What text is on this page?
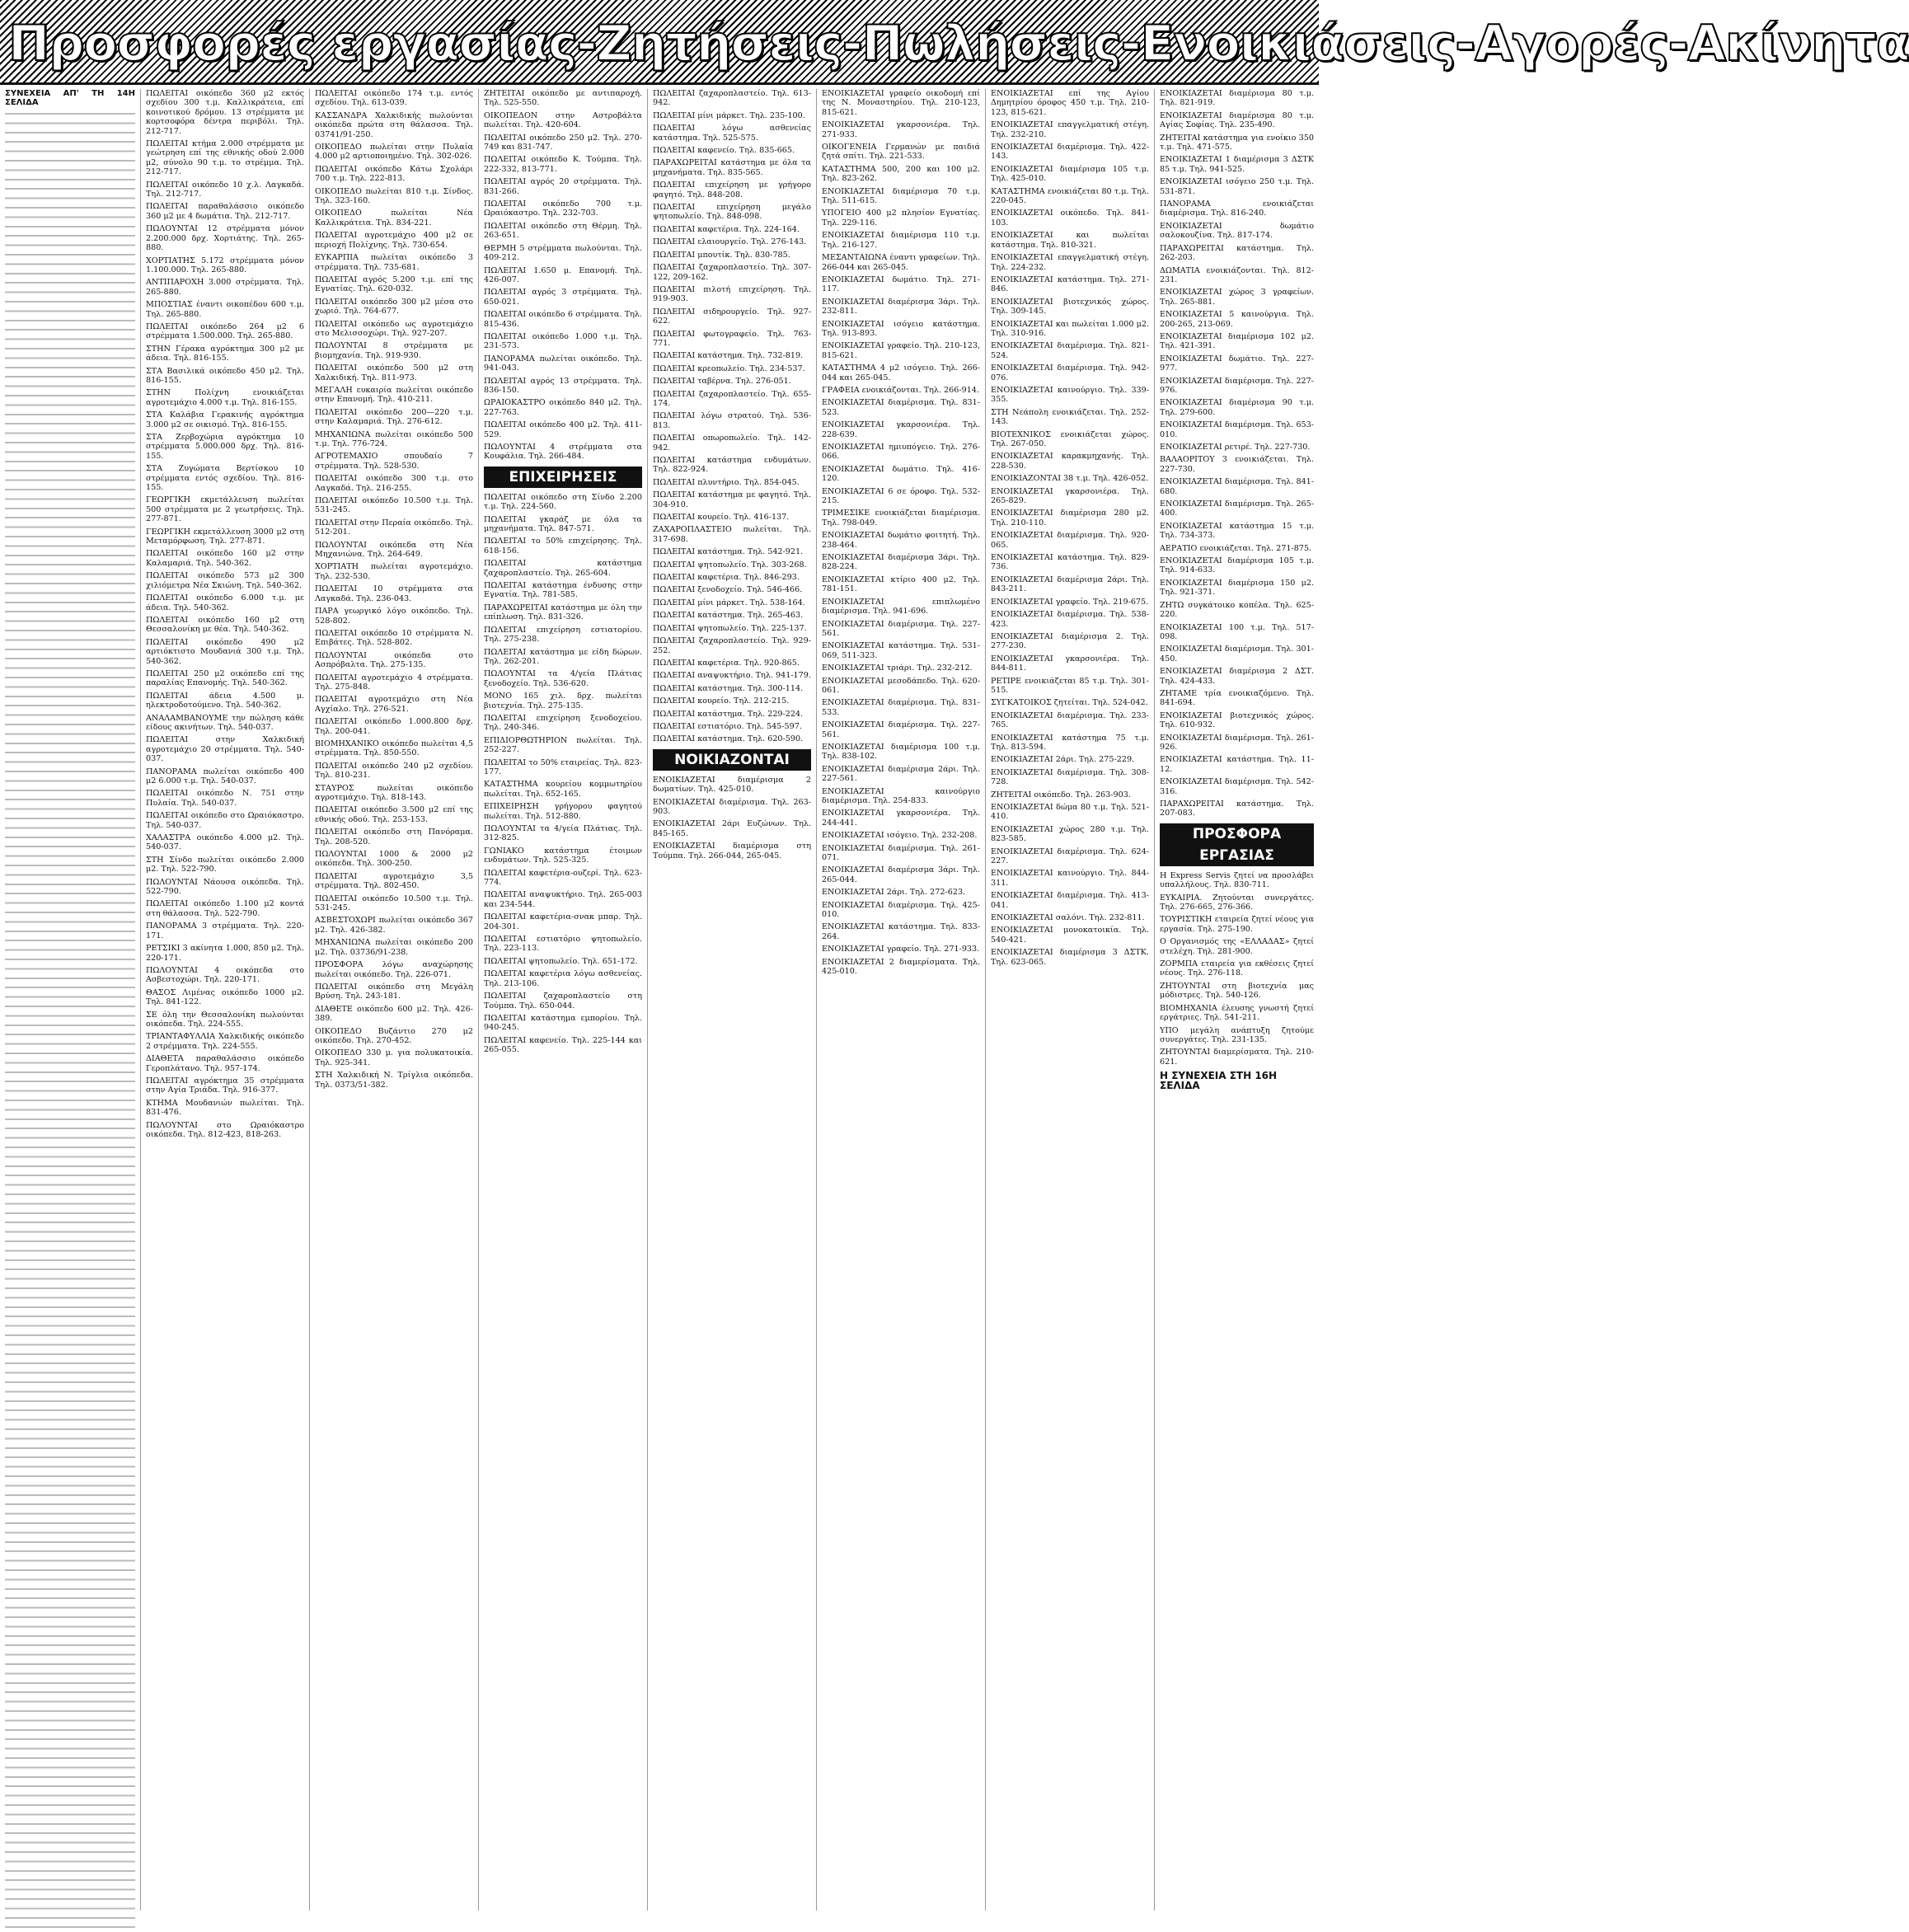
Προσφορές εργασίας-Ζητήσεις-Πωλήσεις-Ενοικιάσεις-Αγορές-Ακίνητα
ΣΥΝΕΧΕΙΑ ΑΠ' ΤΗ 14Η ΣΕΛΙΔΑ

ΠΩΛΕΙΤΑΙ οικόπεδο 360 μ2 εκτός σχεδίου 300 τ.μ. Καλλικράτεια, επί κοινοτικού δρόμου. 13 στρέμματα με κορτσοφόρα δέντρα περιβόλι. Τηλ. 212-717.

ΠΩΛΕΙΤΑΙ κτήμα 2.000 στρέμματα με γεώτρηση επί της εθνικής οδού 2.000 μ2, σύνολο 90 τ.μ. το στρέμμα. Τηλ. 212-717.

ΠΩΛΕΙΤΑΙ οικόπεδο 10 χ.λ. Λαγκαδά. Τηλ. 212-717.

ΠΩΛΕΙΤΑΙ παραθαλάσσιο οικόπεδο 360 μ2 με 4 δωμάτια. Τηλ. 212-717.

ΠΩΛΟΥΝΤΑΙ 12 στρέμματα μόνον 2.200.000 δρχ. Χορτιάτης. Τηλ. 265-880.

ΧΟΡΤΙΑΤΗΣ 5.172 στρέμματα μόνον 1.100.000. Τηλ. 265-880.

ΑΝΤΙΠΑΡΟΧΗ 3.000 στρέμματα. Τηλ. 265-880.

ΜΠΟΣΤΙΑΣ έναντι οικοπέδου 600 τ.μ. Τηλ. 265-880.

ΠΩΛΕΙΤΑΙ οικόπεδο 264 μ2 6 στρέμματα 1.500.000. Τηλ. 265-880.

ΣΤΗΝ Γέρακα αγρόκτημα 300 μ2 με άδεια. Τηλ. 816-155.

ΣΤΑ Βασιλικά οικόπεδο 450 μ2. Τηλ. 816-155.

ΣΤΗΝ Πολίχνη ενοικιάζεται αγροτεμάχιο 4.000 τ.μ. Τηλ. 816-155.

ΣΤΑ Καλάβια Γερακινής αγρόκτημα 3.000 μ2 σε οικισμό. Τηλ. 816-155.

ΣΤΑ Ζερβοχώρια αγρόκτημα 10 στρέμματα 5.000.000 δρχ. Τηλ. 816-155.

ΣΤΑ Ζυγώματα Βερτίσκου 10 στρέμματα εντός σχεδίου. Τηλ. 816-155.

ΓΕΩΡΓΙΚΗ εκμετάλλευση πωλείται 500 στρέμματα με 2 γεωτρήσεις. Τηλ. 277-871.

ΓΕΩΡΓΙΚΗ εκμετάλλευση 3000 μ2 στη Μεταμόρφωση. Τηλ. 277-871.

ΠΩΛΕΙΤΑΙ οικόπεδο 160 μ2 στην Καλαμαριά. Τηλ. 540-362.

ΠΩΛΕΙΤΑΙ οικόπεδο 573 μ2 300 χιλιόμετρα Νέα Σκιώνη. Τηλ. 540-362.

ΠΩΛΕΙΤΑΙ οικόπεδο 6.000 τ.μ. με άδεια. Τηλ. 540-362.

ΠΩΛΕΙΤΑΙ οικόπεδο 160 μ2 στη Θεσσαλονίκη με θέα. Τηλ. 540-362.

ΠΩΛΕΙΤΑΙ οικόπεδο 490 μ2 αρτιόκτιστο Μουδανιά 300 τ.μ. Τηλ. 540-362.

ΠΩΛΕΙΤΑΙ 250 μ2 οικόπεδο επί της παραλίας Επανομής. Τηλ. 540-362.

ΠΩΛΕΙΤΑΙ άδεια 4.500 μ. ηλεκτροδοτούμενο. Τηλ. 540-362.

ΑΝΑΛΑΜΒΑΝΟΥΜΕ την πώληση κάθε είδους ακινήτων. Τηλ. 540-037.

ΠΩΛΕΙΤΑΙ στην Χαλκιδική αγροτεμάχιο 20 στρέμματα. Τηλ. 540-037.

ΠΑΝΟΡΑΜΑ πωλείται οικόπεδο 400 μ2 6.000 τ.μ. Τηλ. 540-037.

ΠΩΛΕΙΤΑΙ οικόπεδο Ν. 751 στην Πυλαία. Τηλ. 540-037.

ΠΩΛΕΙΤΑΙ οικόπεδο στο Ωραιόκαστρο. Τηλ. 540-037.

ΧΑΛΑΣΤΡΑ οικόπεδο 4.000 μ2. Τηλ. 540-037.

ΣΤΗ Σίνδο πωλείται οικόπεδο 2.000 μ2. Τηλ. 522-790.

ΠΩΛΟΥΝΤΑΙ Νάουσα οικόπεδα. Τηλ. 522-790.

ΠΩΛΕΙΤΑΙ οικόπεδο 1.100 μ2 κοντά στη θάλασσα. Τηλ. 522-790.

ΠΑΝΟΡΑΜΑ 3 στρέμματα. Τηλ. 220-171.

ΡΕΤΣΙΚΙ 3 ακίνητα 1.000, 850 μ2. Τηλ. 220-171.

ΠΩΛΟΥΝΤΑΙ 4 οικόπεδα στο Ασβεστοχώρι. Τηλ. 220-171.

ΘΑΣΟΣ Λιμένας οικόπεδο 1000 μ2. Τηλ. 841-122.

ΣΕ όλη την Θεσσαλονίκη πωλούνται οικόπεδα. Τηλ. 224-555.

ΤΡΙΑΝΤΑΦΥΛΛΙΑ Χαλκιδικής οικόπεδο 2 στρέμματα. Τηλ. 224-555.

ΔΙΑΘΕΤΑ παραθαλάσσιο οικόπεδο Γεροπλάτανο. Τηλ. 957-174.

ΠΩΛΕΙΤΑΙ αγρόκτημα 35 στρέμματα στην Αγία Τριάδα. Τηλ. 916-377.

ΚΤΗΜΑ Μουδανιών πωλείται. Τηλ. 831-476.

ΠΩΛΟΥΝΤΑΙ στο Ωραιόκαστρο οικόπεδα. Τηλ. 812-423, 818-263.

ΠΩΛΕΙΤΑΙ οικόπεδο 174 τ.μ. εντός σχεδίου. Τηλ. 613-039.

ΚΑΣΣΑΝΔΡΑ Χαλκιδικής πωλούνται οικόπεδα πρώτα στη θάλασσα. Τηλ. 03741/91-250.

ΟΙΚΟΠΕΔΟ πωλείται στην Πυλαία 4.000 μ2 αρτιοποιημένο. Τηλ. 302-026.

ΠΩΛΕΙΤΑΙ οικόπεδο Κάτω Σχολάρι 700 τ.μ. Τηλ. 222-813.

ΟΙΚΟΠΕΔΟ πωλείται 810 τ.μ. Σίνδος. Τηλ. 323-160.

ΟΙΚΟΠΕΔΟ πωλείται Νέα Καλλικράτεια. Τηλ. 834-221.

ΠΩΛΕΙΤΑΙ αγροτεμάχιο 400 μ2 σε περιοχή Πολίχνης. Τηλ. 730-654.

ΕΥΚΑΡΠΙΑ πωλείται οικόπεδο 3 στρέμματα. Τηλ. 735-681.

ΠΩΛΕΙΤΑΙ αγρός 5.200 τ.μ. επί της Εγνατίας. Τηλ. 620-032.

ΠΩΛΕΙΤΑΙ οικόπεδο 300 μ2 μέσα στο χωριό. Τηλ. 764-677.

ΠΩΛΕΙΤΑΙ οικόπεδο ως αγροτεμάχιο στο Μελισσοχώρι. Τηλ. 927-207.

ΠΩΛΟΥΝΤΑΙ 8 στρέμματα με βιομηχανία. Τηλ. 919-930.

ΠΩΛΕΙΤΑΙ οικόπεδο 500 μ2 στη Χαλκιδική. Τηλ. 811-973.

ΜΕΓΑΛΗ ευκαιρία πωλείται οικόπεδο στην Επανομή. Τηλ. 410-211.

ΠΩΛΕΙΤΑΙ οικόπεδο 200—220 τ.μ. στην Καλαμαριά. Τηλ. 276-612.

ΜΗΧΑΝΙΩΝΑ πωλείται οικόπεδο 500 τ.μ. Τηλ. 776-724.

ΑΓΡΟΤΕΜΑΧΙΟ σπουδαίο 7 στρέμματα. Τηλ. 528-530.

ΠΩΛΕΙΤΑΙ οικόπεδο 300 τ.μ. στο Λαγκαδά. Τηλ. 216-255.

ΠΩΛΕΙΤΑΙ οικόπεδο 10.500 τ.μ. Τηλ. 531-245.

ΠΩΛΕΙΤΑΙ στην Περαία οικόπεδο. Τηλ. 512-201.

ΠΩΛΟΥΝΤΑΙ οικόπεδα στη Νέα Μηχανιώνα. Τηλ. 264-649.

ΧΟΡΤΙΑΤΗ πωλείται αγροτεμάχιο. Τηλ. 232-530.

ΠΩΛΕΙΤΑΙ 10 στρέμματα στα Λαγκαδά. Τηλ. 236-043.

ΠΑΡΑ γεωργικό λόγο οικόπεδο. Τηλ. 528-802.

ΠΩΛΕΙΤΑΙ οικόπεδο 10 στρέμματα Ν. Επιβάτες. Τηλ. 528-802.

ΠΩΛΟΥΝΤΑΙ οικόπεδα στο Ασπρόβαλτα. Τηλ. 275-135.

ΠΩΛΕΙΤΑΙ αγροτεμάχιο 4 στρέμματα. Τηλ. 275-848.

ΠΩΛΕΙΤΑΙ αγροτεμάχιο στη Νέα Αγχίαλο. Τηλ. 276-521.

ΠΩΛΕΙΤΑΙ οικόπεδο 1.000.800 δρχ. Τηλ. 200-041.

ΒΙΟΜΗΧΑΝΙΚΟ οικόπεδο πωλείται 4,5 στρέμματα. Τηλ. 850-550.

ΠΩΛΕΙΤΑΙ οικόπεδο 240 μ2 σχεδίου. Τηλ. 810-231.

ΣΤΑΥΡΟΣ πωλείται οικόπεδο αγροτεμάχιο. Τηλ. 818-143.

ΠΩΛΕΙΤΑΙ οικόπεδο 3.500 μ2 επί της εθνικής οδού. Τηλ. 253-153.

ΠΩΛΕΙΤΑΙ οικόπεδο στη Πανόραμα. Τηλ. 208-520.

ΠΩΛΟΥΝΤΑΙ 1000 & 2000 μ2 οικόπεδα. Τηλ. 300-250.

ΠΩΛΕΙΤΑΙ αγροτεμάχιο 3,5 στρέμματα. Τηλ. 802-450.

ΠΩΛΕΙΤΑΙ οικόπεδο 10.500 τ.μ. Τηλ. 531-245.

ΑΣΒΕΣΤΟΧΩΡΙ πωλείται οικόπεδο 367 μ2. Τηλ. 426-382.

ΜΗΧΑΝΙΩΝΑ πωλείται οικόπεδο 200 μ2. Τηλ. 03736/91-238.

ΠΡΟΣΦΟΡΑ λόγω αναχώρησης πωλείται οικόπεδο. Τηλ. 226-071.

ΠΩΛΕΙΤΑΙ οικόπεδο στη Μεγάλη Βρύση. Τηλ. 243-181.

ΔΙΑΘΕΤΕ οικόπεδο 600 μ2. Τηλ. 426-389.

ΟΙΚΟΠΕΔΟ Βυζάντιο 270 μ2 οικόπεδο. Τηλ. 270-452.

ΟΙΚΟΠΕΔΟ 330 μ. για πολυκατοικία. Τηλ. 925-341.

ΣΤΗ Χαλκιδική Ν. Τρίγλια οικόπεδα. Τηλ. 0373/51-382.

ΖΗΤΕΙΤΑΙ οικόπεδο με αντιπαροχή. Τηλ. 525-550.

ΟΙΚΟΠΕΔΟΝ στην Αστροβάλτα πωλείται. Τηλ. 420-604.

ΠΩΛΕΙΤΑΙ οικόπεδο 250 μ2. Τηλ. 270-749 και 831-747.

ΠΩΛΕΙΤΑΙ οικόπεδο Κ. Τούμπα. Τηλ. 222-332, 813-771.

ΠΩΛΕΙΤΑΙ αγρός 20 στρέμματα. Τηλ. 831-266.

ΠΩΛΕΙΤΑΙ οικόπεδο 700 τ.μ. Ωραιόκαστρο. Τηλ. 232-703.

ΠΩΛΕΙΤΑΙ οικόπεδο στη Θέρμη. Τηλ. 263-651.

ΘΕΡΜΗ 5 στρέμματα πωλούνται. Τηλ. 409-212.

ΠΩΛΕΙΤΑΙ 1.650 μ. Επανομή. Τηλ. 426-007.

ΠΩΛΕΙΤΑΙ αγρός 3 στρέμματα. Τηλ. 650-021.

ΠΩΛΕΙΤΑΙ οικόπεδο 6 στρέμματα. Τηλ. 815-436.

ΠΩΛΕΙΤΑΙ οικόπεδο 1.000 τ.μ. Τηλ. 231-573.

ΠΑΝΟΡΑΜΑ πωλείται οικόπεδο. Τηλ. 941-043.

ΠΩΛΕΙΤΑΙ αγρός 13 στρέμματα. Τηλ. 836-150.

ΩΡΑΙΟΚΑΣΤΡΟ οικόπεδο 840 μ2. Τηλ. 227-763.

ΠΩΛΕΙΤΑΙ οικόπεδο 400 μ2. Τηλ. 411-529.

ΠΩΛΟΥΝΤΑΙ 4 στρέμματα στα Κουφάλια. Τηλ. 266-484.

ΕΠΙΧΕΙΡΗΣΕΙΣ

ΠΩΛΕΙΤΑΙ οικόπεδο στη Σίνδο 2.200 τ.μ. Τηλ. 224-560.

ΠΩΛΕΙΤΑΙ γκαράζ με όλα τα μηχανήματα. Τηλ. 847-571.

ΠΩΛΕΙΤΑΙ το 50% επιχείρησης. Τηλ. 618-156.

ΠΩΛΕΙΤΑΙ κατάστημα ζαχαροπλαστείο. Τηλ. 265-604.

ΠΩΛΕΙΤΑΙ κατάστημα ένδυσης στην Εγνατία. Τηλ. 781-585.

ΠΑΡΑΧΩΡΕΙΤΑΙ κατάστημα με όλη την επίπλωση. Τηλ. 831-326.

ΠΩΛΕΙΤΑΙ επιχείρηση εστιατορίου. Τηλ. 275-238.

ΠΩΛΕΙΤΑΙ κατάστημα με είδη δώρων. Τηλ. 262-201.

ΠΩΛΟΥΝΤΑΙ τα 4/γεία Πλάτιας ξενοδοχείο. Τηλ. 536-620.

ΜΟΝΟ 165 χιλ. δρχ. πωλείται βιοτεχνία. Τηλ. 275-135.

ΠΩΛΕΙΤΑΙ επιχείρηση ξενοδοχείου. Τηλ. 240-346.

ΕΠΙΔΙΟΡΘΩΤΗΡΙΟΝ πωλείται. Τηλ. 252-227.

ΠΩΛΕΙΤΑΙ το 50% εταιρείας. Τηλ. 823-177.

ΚΑΤΑΣΤΗΜΑ κουρείου κομμωτηρίου πωλείται. Τηλ. 652-165.

ΕΠΙΧΕΙΡΗΣΗ γρήγορου φαγητού πωλείται. Τηλ. 512-880.

ΠΩΛΟΥΝΤΑΙ τα 4/γεία Πλάτιας. Τηλ. 312-825.

ΓΩΝΙΑΚΟ κατάστημα έτοιμων ενδυμάτων. Τηλ. 525-325.

ΠΩΛΕΙΤΑΙ καφετέρια-ουζερί. Τηλ. 623-774.

ΠΩΛΕΙΤΑΙ αναψυκτήριο. Τηλ. 265-003 και 234-544.

ΠΩΛΕΙΤΑΙ καφετέρια-σνακ μπαρ. Τηλ. 204-301.

ΠΩΛΕΙΤΑΙ εστιατόριο ψητοπωλείο. Τηλ. 223-113.

ΠΩΛΕΙΤΑΙ ψητοπωλείο. Τηλ. 651-172.

ΠΩΛΕΙΤΑΙ καφετέρια λόγω ασθενείας. Τηλ. 213-106.

ΠΩΛΕΙΤΑΙ ζαχαροπλαστείο στη Τούμπα. Τηλ. 650-044.

ΠΩΛΕΙΤΑΙ κατάστημα εμπορίου. Τηλ. 940-245.

ΠΩΛΕΙΤΑΙ καφενείο. Τηλ. 225-144 και 265-055.

ΠΩΛΕΙΤΑΙ ζαχαροπλαστείο. Τηλ. 613-942.

ΠΩΛΕΙΤΑΙ μίνι μάρκετ. Τηλ. 235-100.

ΠΩΛΕΙΤΑΙ λόγω ασθενείας κατάστημα. Τηλ. 525-575.

ΠΩΛΕΙΤΑΙ καφενείο. Τηλ. 835-665.

ΠΑΡΑΧΩΡΕΙΤΑΙ κατάστημα με όλα τα μηχανήματα. Τηλ. 835-565.

ΠΩΛΕΙΤΑΙ επιχείρηση με γρήγορο φαγητό. Τηλ. 848-208.

ΠΩΛΕΙΤΑΙ επιχείρηση μεγάλο ψητοπωλείο. Τηλ. 848-098.

ΠΩΛΕΙΤΑΙ καφετέρια. Τηλ. 224-164.

ΠΩΛΕΙΤΑΙ ελαιουργείο. Τηλ. 276-143.

ΠΩΛΕΙΤΑΙ μπουτίκ. Τηλ. 830-785.

ΠΩΛΕΙΤΑΙ ζαχαροπλαστείο. Τηλ. 307-122, 209-162.

ΠΩΛΕΙΤΑΙ πιλοτή επιχείρηση. Τηλ. 919-903.

ΠΩΛΕΙΤΑΙ σιδηρουργείο. Τηλ. 927-622.

ΠΩΛΕΙΤΑΙ φωτογραφείο. Τηλ. 763-771.

ΠΩΛΕΙΤΑΙ κατάστημα. Τηλ. 732-819.

ΠΩΛΕΙΤΑΙ κρεοπωλείο. Τηλ. 234-537.

ΠΩΛΕΙΤΑΙ ταβέρνα. Τηλ. 276-051.

ΠΩΛΕΙΤΑΙ ζαχαροπλαστείο. Τηλ. 655-174.

ΠΩΛΕΙΤΑΙ λόγω στρατού. Τηλ. 536-813.

ΠΩΛΕΙΤΑΙ οπωροπωλείο. Τηλ. 142-942.

ΠΩΛΕΙΤΑΙ κατάστημα ενδυμάτων. Τηλ. 822-924.

ΠΩΛΕΙΤΑΙ πλυντήριο. Τηλ. 854-045.

ΠΩΛΕΙΤΑΙ κατάστημα με φαγητό. Τηλ. 304-910.

ΠΩΛΕΙΤΑΙ κουρείο. Τηλ. 416-137.

ΖΑΧΑΡΟΠΛΑΣΤΕΙΟ πωλείται. Τηλ. 317-698.

ΠΩΛΕΙΤΑΙ κατάστημα. Τηλ. 542-921.

ΠΩΛΕΙΤΑΙ ψητοπωλείο. Τηλ. 303-268.

ΠΩΛΕΙΤΑΙ καφετέρια. Τηλ. 846-293.

ΠΩΛΕΙΤΑΙ ξενοδοχείο. Τηλ. 546-466.

ΠΩΛΕΙΤΑΙ μίνι μάρκετ. Τηλ. 538-164.

ΠΩΛΕΙΤΑΙ κατάστημα. Τηλ. 265-463.

ΠΩΛΕΙΤΑΙ ψητοπωλείο. Τηλ. 225-137.

ΠΩΛΕΙΤΑΙ ζαχαροπλαστείο. Τηλ. 929-252.

ΠΩΛΕΙΤΑΙ καφετέρια. Τηλ. 920-865.

ΠΩΛΕΙΤΑΙ αναψυκτήριο. Τηλ. 941-179.

ΠΩΛΕΙΤΑΙ κατάστημα. Τηλ. 300-114.

ΠΩΛΕΙΤΑΙ κουρείο. Τηλ. 212-215.

ΠΩΛΕΙΤΑΙ κατάστημα. Τηλ. 229-224.

ΠΩΛΕΙΤΑΙ εστιατόριο. Τηλ. 545-597.

ΠΩΛΕΙΤΑΙ κατάστημα. Τηλ. 620-590.

ΝΟΙΚΙΑΖΟΝΤΑΙ

ΕΝΟΙΚΙΑΖΕΤΑΙ διαμέρισμα 2 δωματίων. Τηλ. 425-010.

ΕΝΟΙΚΙΑΖΕΤΑΙ διαμέρισμα. Τηλ. 263-903.

ΕΝΟΙΚΙΑΖΕΤΑΙ 2άρι Ευζώνων. Τηλ. 845-165.

ΕΝΟΙΚΙΑΖΕΤΑΙ διαμέρισμα στη Τούμπα. Τηλ. 266-044, 265-045.

ΕΝΟΙΚΙΑΖΕΤΑΙ γραφείο οικοδομή επί της Ν. Μοναστηρίου. Τηλ. 210-123, 815-621.

ΕΝΟΙΚΙΑΖΕΤΑΙ γκαρσονιέρα. Τηλ. 271-933.

ΟΙΚΟΓΕΝΕΙΑ Γερμανών με παιδιά ζητά σπίτι. Τηλ. 221-533.

ΚΑΤΑΣΤΗΜΑ 500, 200 και 100 μ2. Τηλ. 823-262.

ΕΝΟΙΚΙΑΖΕΤΑΙ διαμέρισμα 70 τ.μ. Τηλ. 511-615.

ΥΠΟΓΕΙΟ 400 μ2 πλησίον Εγνατίας. Τηλ. 229-116.

ΕΝΟΙΚΙΑΖΕΤΑΙ διαμέρισμα 110 τ.μ. Τηλ. 216-127.

ΜΕΣΑΝΤΑΙΩΝΑ έναντι γραφείων. Τηλ. 266-044 και 265-045.

ΕΝΟΙΚΙΑΖΕΤΑΙ δωμάτιο. Τηλ. 271-117.

ΕΝΟΙΚΙΑΖΕΤΑΙ διαμέρισμα 3άρι. Τηλ. 232-811.

ΕΝΟΙΚΙΑΖΕΤΑΙ ισόγειο κατάστημα. Τηλ. 913-893.

ΕΝΟΙΚΙΑΖΕΤΑΙ γραφείο. Τηλ. 210-123, 815-621.

ΚΑΤΑΣΤΗΜΑ 4 μ2 ισόγειο. Τηλ. 266-044 και 265-045.

ΓΡΑΦΕΙΑ ενοικιάζονται. Τηλ. 266-914.

ΕΝΟΙΚΙΑΖΕΤΑΙ διαμέρισμα. Τηλ. 831-523.

ΕΝΟΙΚΙΑΖΕΤΑΙ γκαρσονιέρα. Τηλ. 228-639.

ΕΝΟΙΚΙΑΖΕΤΑΙ ημιυπόγειο. Τηλ. 276-066.

ΕΝΟΙΚΙΑΖΕΤΑΙ δωμάτιο. Τηλ. 416-120.

ΕΝΟΙΚΙΑΖΕΤΑΙ 6 σε όροφο. Τηλ. 532-215.

ΤΡΙΜΕΣΙΚΕ ενοικιάζεται διαμέρισμα. Τηλ. 798-049.

ΕΝΟΙΚΙΑΖΕΤΑΙ δωμάτιο φοιτητή. Τηλ. 238-464.

ΕΝΟΙΚΙΑΖΕΤΑΙ διαμέρισμα 3άρι. Τηλ. 828-224.

ΕΝΟΙΚΙΑΖΕΤΑΙ κτίριο 400 μ2. Τηλ. 781-151.

ΕΝΟΙΚΙΑΖΕΤΑΙ επιπλωμένο διαμέρισμα. Τηλ. 941-696.

ΕΝΟΙΚΙΑΖΕΤΑΙ διαμέρισμα. Τηλ. 227-561.

ΕΝΟΙΚΙΑΖΕΤΑΙ κατάστημα. Τηλ. 531-069, 511-323.

ΕΝΟΙΚΙΑΖΕΤΑΙ τριάρι. Τηλ. 232-212.

ΕΝΟΙΚΙΑΖΕΤΑΙ μεσοδάπεδο. Τηλ. 620-061.

ΕΝΟΙΚΙΑΖΕΤΑΙ διαμέρισμα. Τηλ. 831-533.

ΕΝΟΙΚΙΑΖΕΤΑΙ διαμέρισμα. Τηλ. 227-561.

ΕΝΟΙΚΙΑΖΕΤΑΙ διαμέρισμα 100 τ.μ. Τηλ. 838-102.

ΕΝΟΙΚΙΑΖΕΤΑΙ διαμέρισμα 2άρι. Τηλ. 227-561.

ΕΝΟΙΚΙΑΖΕΤΑΙ καινούργιο διαμέρισμα. Τηλ. 254-833.

ΕΝΟΙΚΙΑΖΕΤΑΙ γκαρσονιέρα. Τηλ. 244-441.

ΕΝΟΙΚΙΑΖΕΤΑΙ ισόγειο. Τηλ. 232-208.

ΕΝΟΙΚΙΑΖΕΤΑΙ διαμέρισμα. Τηλ. 261-071.

ΕΝΟΙΚΙΑΖΕΤΑΙ διαμέρισμα 3άρι. Τηλ. 265-044.

ΕΝΟΙΚΙΑΖΕΤΑΙ 2άρι. Τηλ. 272-623.

ΕΝΟΙΚΙΑΖΕΤΑΙ διαμέρισμα. Τηλ. 425-010.

ΕΝΟΙΚΙΑΖΕΤΑΙ κατάστημα. Τηλ. 833-264.

ΕΝΟΙΚΙΑΖΕΤΑΙ γραφείο. Τηλ. 271-933.

ΕΝΟΙΚΙΑΖΕΤΑΙ 2 διαμερίσματα. Τηλ. 425-010.

ΕΝΟΙΚΙΑΖΕΤΑΙ επί της Αγίου Δημητρίου όροφος 450 τ.μ. Τηλ. 210-123, 815-621.

ΕΝΟΙΚΙΑΖΕΤΑΙ επαγγελματική στέγη. Τηλ. 232-210.

ΕΝΟΙΚΙΑΖΕΤΑΙ διαμέρισμα. Τηλ. 422-143.

ΕΝΟΙΚΙΑΖΕΤΑΙ διαμέρισμα 105 τ.μ. Τηλ. 425-010.

ΚΑΤΑΣΤΗΜΑ ενοικιάζεται 80 τ.μ. Τηλ. 220-045.

ΕΝΟΙΚΙΑΖΕΤΑΙ οικόπεδο. Τηλ. 841-103.

ΕΝΟΙΚΙΑΖΕΤΑΙ και πωλείται κατάστημα. Τηλ. 810-321.

ΕΝΟΙΚΙΑΖΕΤΑΙ επαγγελματική στέγη. Τηλ. 224-232.

ΕΝΟΙΚΙΑΖΕΤΑΙ κατάστημα. Τηλ. 271-846.

ΕΝΟΙΚΙΑΖΕΤΑΙ βιοτεχνικός χώρος. Τηλ. 309-145.

ΕΝΟΙΚΙΑΖΕΤΑΙ και πωλείται 1.000 μ2. Τηλ. 310-916.

ΕΝΟΙΚΙΑΖΕΤΑΙ διαμέρισμα. Τηλ. 821-524.

ΕΝΟΙΚΙΑΖΕΤΑΙ διαμέρισμα. Τηλ. 942-076.

ΕΝΟΙΚΙΑΖΕΤΑΙ καινούργιο. Τηλ. 339-355.

ΣΤΗ Νεάπολη ενοικιάζεται. Τηλ. 252-143.

ΒΙΟΤΕΧΝΙΚΟΣ ενοικιάζεται χώρος. Τηλ. 267-050.

ΕΝΟΙΚΙΑΖΕΤΑΙ καρακμηχανής. Τηλ. 228-530.

ΕΝΟΙΚΙΑΖΟΝΤΑΙ 38 τ.μ. Τηλ. 426-052.

ΕΝΟΙΚΙΑΖΕΤΑΙ γκαρσονιέρα. Τηλ. 265-829.

ΕΝΟΙΚΙΑΖΕΤΑΙ διαμέρισμα 280 μ2. Τηλ. 210-110.

ΕΝΟΙΚΙΑΖΕΤΑΙ διαμέρισμα. Τηλ. 920-065.

ΕΝΟΙΚΙΑΖΕΤΑΙ κατάστημα. Τηλ. 829-736.

ΕΝΟΙΚΙΑΖΕΤΑΙ διαμέρισμα 2άρι. Τηλ. 843-211.

ΕΝΟΙΚΙΑΖΕΤΑΙ γραφείο. Τηλ. 219-675.

ΕΝΟΙΚΙΑΖΕΤΑΙ διαμέρισμα. Τηλ. 538-423.

ΕΝΟΙΚΙΑΖΕΤΑΙ διαμέρισμα 2. Τηλ. 277-230.

ΕΝΟΙΚΙΑΖΕΤΑΙ γκαρσονιέρα. Τηλ. 844-811.

ΡΕΤΙΡΕ ενοικιάζεται 85 τ.μ. Τηλ. 301-515.

ΣΥΓΚΑΤΟΙΚΟΣ ζητείται. Τηλ. 524-042.

ΕΝΟΙΚΙΑΖΕΤΑΙ διαμέρισμα. Τηλ. 233-765.

ΕΝΟΙΚΙΑΖΕΤΑΙ κατάστημα 75 τ.μ. Τηλ. 813-594.

ΕΝΟΙΚΙΑΖΕΤΑΙ 2άρι. Τηλ. 275-229.

ΕΝΟΙΚΙΑΖΕΤΑΙ διαμέρισμα. Τηλ. 308-728.

ΖΗΤΕΙΤΑΙ οικόπεδο. Τηλ. 263-903.

ΕΝΟΙΚΙΑΖΕΤΑΙ δώμα 80 τ.μ. Τηλ. 521-410.

ΕΝΟΙΚΙΑΖΕΤΑΙ χώρος 280 τ.μ. Τηλ. 823-585.

ΕΝΟΙΚΙΑΖΕΤΑΙ διαμέρισμα. Τηλ. 624-227.

ΕΝΟΙΚΙΑΖΕΤΑΙ καινούργιο. Τηλ. 844-311.

ΕΝΟΙΚΙΑΖΕΤΑΙ διαμέρισμα. Τηλ. 413-041.

ΕΝΟΙΚΙΑΖΕΤΑΙ σαλόνι. Τηλ. 232-811.

ΕΝΟΙΚΙΑΖΕΤΑΙ μονοκατοικία. Τηλ. 540-421.

ΕΝΟΙΚΙΑΖΕΤΑΙ διαμέρισμα 3 ΔΣΤΚ. Τηλ. 623-065.

ΕΝΟΙΚΙΑΖΕΤΑΙ διαμέρισμα 80 τ.μ. Τηλ. 821-919.

ΕΝΟΙΚΙΑΖΕΤΑΙ διαμέρισμα 80 τ.μ. Αγίας Σοφίας. Τηλ. 235-490.

ΖΗΤΕΙΤΑΙ κατάστημα για ενοίκιο 350 τ.μ. Τηλ. 471-575.

ΕΝΟΙΚΙΑΖΕΤΑΙ 1 διαμέρισμα 3 ΔΣΤΚ 85 τ.μ. Τηλ. 941-525.

ΕΝΟΙΚΙΑΖΕΤΑΙ ισόγειο 250 τ.μ. Τηλ. 531-871.

ΠΑΝΟΡΑΜΑ ενοικιάζεται διαμέρισμα. Τηλ. 816-240.

ΕΝΟΙΚΙΑΖΕΤΑΙ δωμάτιο σαλοκουζίνα. Τηλ. 817-174.

ΠΑΡΑΧΩΡΕΙΤΑΙ κατάστημα. Τηλ. 262-203.

ΔΩΜΑΤΙΑ ενοικιάζονται. Τηλ. 812-231.

ΕΝΟΙΚΙΑΖΕΤΑΙ χώρος 3 γραφείων. Τηλ. 265-881.

ΕΝΟΙΚΙΑΖΕΤΑΙ 5 καινούργια. Τηλ. 200-265, 213-069.

ΕΝΟΙΚΙΑΖΕΤΑΙ διαμέρισμα 102 μ2. Τηλ. 421-391.

ΕΝΟΙΚΙΑΖΕΤΑΙ δωμάτιο. Τηλ. 227-977.

ΕΝΟΙΚΙΑΖΕΤΑΙ διαμέρισμα. Τηλ. 227-976.

ΕΝΟΙΚΙΑΖΕΤΑΙ διαμέρισμα 90 τ.μ. Τηλ. 279-600.

ΕΝΟΙΚΙΑΖΕΤΑΙ διαμέρισμα. Τηλ. 653-010.

ΕΝΟΙΚΙΑΖΕΤΑΙ ρετιρέ. Τηλ. 227-730.

ΒΑΛΑΟΡΙΤΟΥ 3 ενοικιάζεται. Τηλ. 227-730.

ΕΝΟΙΚΙΑΖΕΤΑΙ διαμέρισμα. Τηλ. 841-680.

ΕΝΟΙΚΙΑΖΕΤΑΙ διαμέρισμα. Τηλ. 265-400.

ΕΝΟΙΚΙΑΖΕΤΑΙ κατάστημα 15 τ.μ. Τηλ. 734-373.

ΑΕΡΑΤΙΟ ενοικιάζεται. Τηλ. 271-875.

ΕΝΟΙΚΙΑΖΕΤΑΙ διαμέρισμα 105 τ.μ. Τηλ. 914-633.

ΕΝΟΙΚΙΑΖΕΤΑΙ διαμέρισμα 150 μ2. Τηλ. 921-371.

ΖΗΤΩ συγκάτοικο κοπέλα. Τηλ. 625-220.

ΕΝΟΙΚΙΑΖΕΤΑΙ 100 τ.μ. Τηλ. 517-098.

ΕΝΟΙΚΙΑΖΕΤΑΙ διαμέρισμα. Τηλ. 301-450.

ΕΝΟΙΚΙΑΖΕΤΑΙ διαμέρισμα 2 ΔΣΤ. Τηλ. 424-433.

ΖΗΤΑΜΕ τρία ενοικιαζόμενο. Τηλ. 841-694.

ΕΝΟΙΚΙΑΖΕΤΑΙ βιοτεχνικός χώρος. Τηλ. 610-932.

ΕΝΟΙΚΙΑΖΕΤΑΙ διαμέρισμα. Τηλ. 261-926.

ΕΝΟΙΚΙΑΖΕΤΑΙ κατάστημα. Τηλ. 11-12.

ΕΝΟΙΚΙΑΖΕΤΑΙ διαμέρισμα. Τηλ. 542-316.

ΠΑΡΑΧΩΡΕΙΤΑΙ κατάστημα. Τηλ. 207-083.

ΠΡΟΣΦΟΡΑ ΕΡΓΑΣΙΑΣ

Η Express Servis ζητεί να προσλάβει υπαλλήλους. Τηλ. 830-711.

ΕΥΚΑΙΡΙΑ. Ζητούνται συνεργάτες. Τηλ. 276-665, 276-366.

ΤΟΥΡΙΣΤΙΚΗ εταιρεία ζητεί νέους για εργασία. Τηλ. 275-190.

Ο Οργανισμός της «ΕΛΛΑΔΑΣ» ζητεί στελέχη. Τηλ. 281-900.

ΖΟΡΜΠΑ εταιρεία για εκθέσεις ζητεί νέους. Τηλ. 276-118.

ΖΗΤΟΥΝΤΑΙ στη βιοτεχνία μας μόδιστρες. Τηλ. 540-126.

ΒΙΟΜΗΧΑΝΙΑ έλευσης γνωστή ζητεί εργάτριες. Τηλ. 541-211.

ΥΠΟ μεγάλη ανάπτυξη ζητούμε συνεργάτες. Τηλ. 231-135.

ΖΗΤΟΥΝΤΑΙ διαμερίσματα. Τηλ. 210-621.

Η ΣΥΝΕΧΕΙΑ ΣΤΗ 16Η ΣΕΛΙΔΑ
